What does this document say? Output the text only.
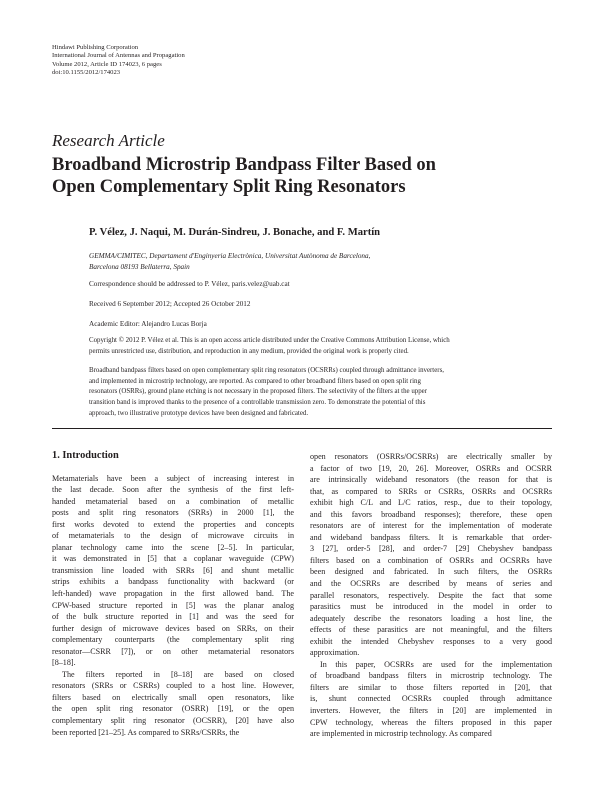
Hindawi Publishing Corporation
International Journal of Antennas and Propagation
Volume 2012, Article ID 174023, 6 pages
doi:10.1155/2012/174023
Research Article
Broadband Microstrip Bandpass Filter Based on
Open Complementary Split Ring Resonators
P. Vélez, J. Naqui, M. Durán-Sindreu, J. Bonache, and F. Martín
GEMMA/CIMITEC, Departament d'Enginyeria Electrònica, Universitat Autònoma de Barcelona,
Barcelona 08193 Bellaterra, Spain
Correspondence should be addressed to P. Vélez, paris.velez@uab.cat
Received 6 September 2012; Accepted 26 October 2012
Academic Editor: Alejandro Lucas Borja
Copyright © 2012 P. Vélez et al. This is an open access article distributed under the Creative Commons Attribution License, which
permits unrestricted use, distribution, and reproduction in any medium, provided the original work is properly cited.
Broadband bandpass filters based on open complementary split ring resonators (OCSRRs) coupled through admittance inverters,
and implemented in microstrip technology, are reported. As compared to other broadband filters based on open split ring
resonators (OSRRs), ground plane etching is not necessary in the proposed filters. The selectivity of the filters at the upper
transition band is improved thanks to the presence of a controllable transmission zero. To demonstrate the potential of this
approach, two illustrative prototype devices have been designed and fabricated.
1. Introduction

Metamaterials have been a subject of increasing interest in
the last decade. Soon after the synthesis of the first left-
handed metamaterial based on a combination of metallic
posts and split ring resonators (SRRs) in 2000 [1], the
first works devoted to extend the properties and concepts
of metamaterials to the design of microwave circuits in
planar technology came into the scene [2–5]. In particular,
it was demonstrated in [5] that a coplanar waveguide (CPW)
transmission line loaded with SRRs [6] and shunt metallic
strips exhibits a bandpass functionality with backward (or
left-handed) wave propagation in the first allowed band. The
CPW-based structure reported in [5] was the planar analog
of the bulk structure reported in [1] and was the seed for
further design of microwave devices based on SRRs, on their
complementary counterparts (the complementary split ring
resonator—CSRR [7]), or on other metamaterial resonators
[8–18].

The filters reported in [8–18] are based on closed
resonators (SRRs or CSRRs) coupled to a host line. However,
filters based on electrically small open resonators, like
the open split ring resonator (OSRR) [19], or the open
complementary split ring resonator (OCSRR), [20] have also
been reported [21–25]. As compared to SRRs/CSRRs, the

open resonators (OSRRs/OCSRRs) are electrically smaller by
a factor of two [19, 20, 26]. Moreover, OSRRs and OCSRR
are intrinsically wideband resonators (the reason for that is
that, as compared to SRRs or CSRRs, OSRRs and OCSRRs
exhibit high C/L and L/C ratios, resp., due to their topology,
and this favors broadband responses); therefore, these open
resonators are of interest for the implementation of moderate
and wideband bandpass filters. It is remarkable that order-
3 [27], order-5 [28], and order-7 [29] Chebyshev bandpass
filters based on a combination of OSRRs and OCSRRs have
been designed and fabricated. In such filters, the OSRRs
and the OCSRRs are described by means of series and
parallel resonators, respectively. Despite the fact that some
parasitics must be introduced in the model in order to
adequately describe the resonators loading a host line, the
effects of these parasitics are not meaningful, and the filters
exhibit the intended Chebyshev responses to a very good
approximation.

In this paper, OCSRRs are used for the implementation
of broadband bandpass filters in microstrip technology. The
filters are similar to those filters reported in [20], that
is, shunt connected OCSRRs coupled through admittance
inverters. However, the filters in [20] are implemented in
CPW technology, whereas the filters proposed in this paper
are implemented in microstrip technology. As compared
